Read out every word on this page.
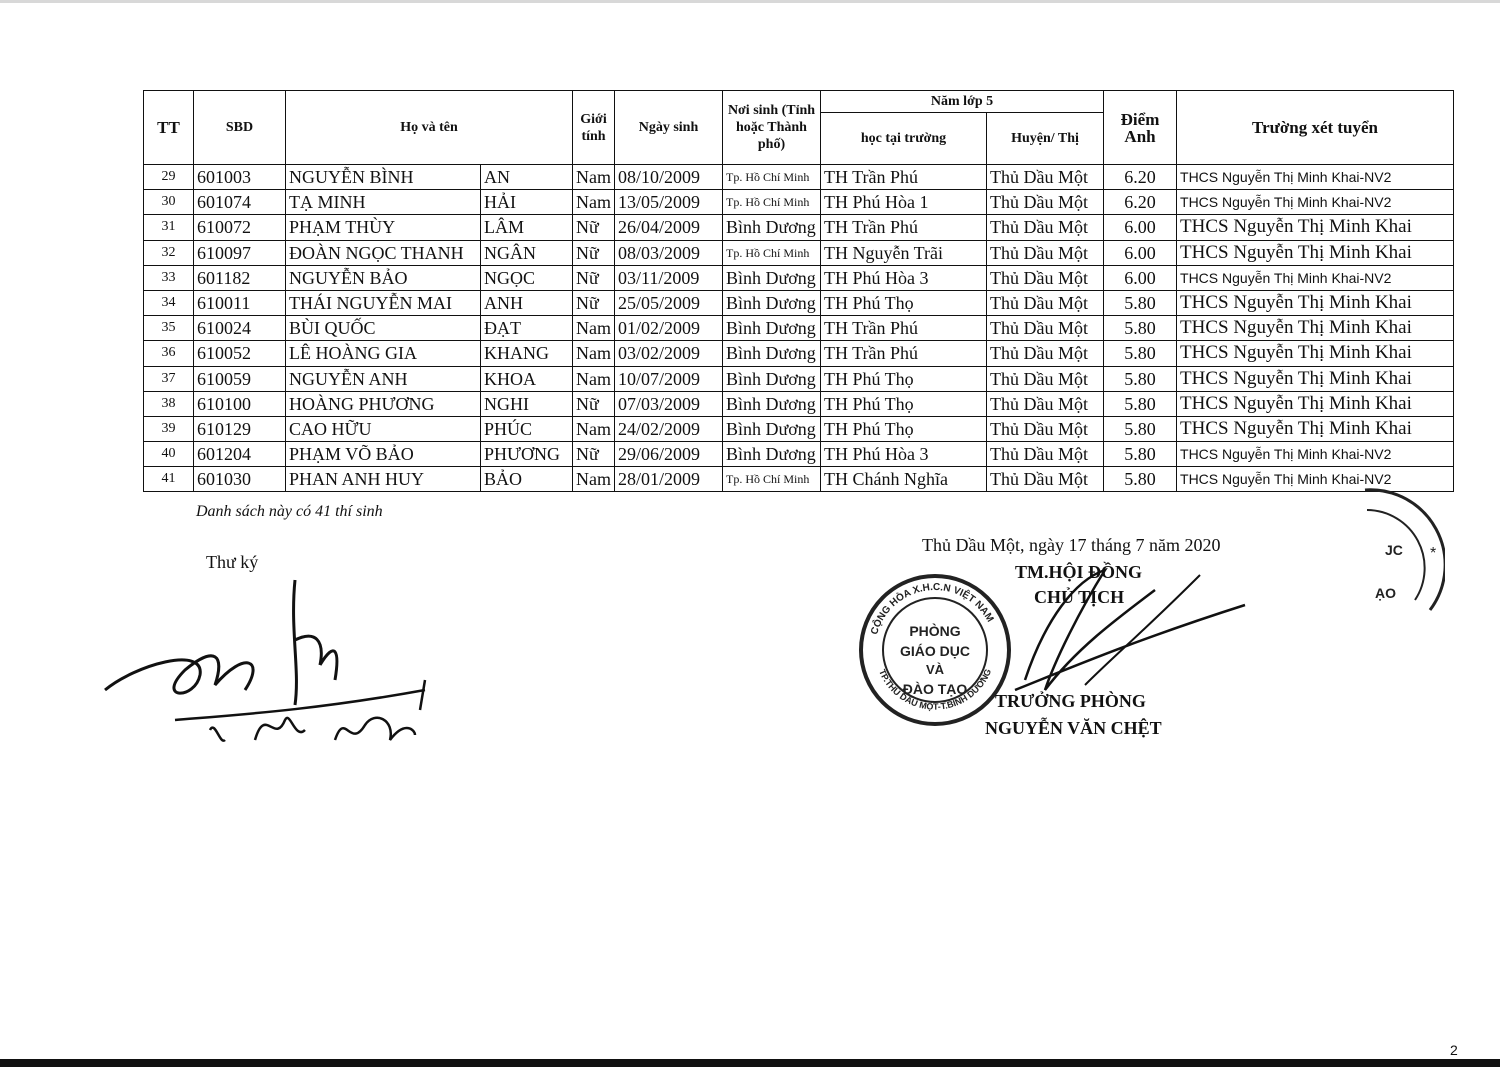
TT	SBD	Họ và tên	Giới tính	Ngày sinh	Nơi sinh (Tỉnh hoặc Thành phố)	Năm lớp 5	Điểm Anh	Trường xét tuyển
học tại trường	Huyện/ Thị
29	601003	NGUYỄN BÌNH	AN	Nam	08/10/2009	Tp. Hồ Chí Minh	TH Trần Phú	Thủ Dầu Một	6.20	THCS Nguyễn Thị Minh Khai-NV2
30	601074	TẠ MINH	HẢI	Nam	13/05/2009	Tp. Hồ Chí Minh	TH Phú Hòa 1	Thủ Dầu Một	6.20	THCS Nguyễn Thị Minh Khai-NV2
31	610072	PHẠM THÙY	LÂM	Nữ	26/04/2009	Bình Dương	TH Trần Phú	Thủ Dầu Một	6.00	THCS Nguyễn Thị Minh Khai
32	610097	ĐOÀN NGỌC THANH	NGÂN	Nữ	08/03/2009	Tp. Hồ Chí Minh	TH Nguyễn Trãi	Thủ Dầu Một	6.00	THCS Nguyễn Thị Minh Khai
33	601182	NGUYỄN BẢO	NGỌC	Nữ	03/11/2009	Bình Dương	TH Phú Hòa 3	Thủ Dầu Một	6.00	THCS Nguyễn Thị Minh Khai-NV2
34	610011	THÁI NGUYỄN MAI	ANH	Nữ	25/05/2009	Bình Dương	TH Phú Thọ	Thủ Dầu Một	5.80	THCS Nguyễn Thị Minh Khai
35	610024	BÙI QUỐC	ĐẠT	Nam	01/02/2009	Bình Dương	TH Trần Phú	Thủ Dầu Một	5.80	THCS Nguyễn Thị Minh Khai
36	610052	LÊ HOÀNG GIA	KHANG	Nam	03/02/2009	Bình Dương	TH Trần Phú	Thủ Dầu Một	5.80	THCS Nguyễn Thị Minh Khai
37	610059	NGUYỄN ANH	KHOA	Nam	10/07/2009	Bình Dương	TH Phú Thọ	Thủ Dầu Một	5.80	THCS Nguyễn Thị Minh Khai
38	610100	HOÀNG PHƯƠNG	NGHI	Nữ	07/03/2009	Bình Dương	TH Phú Thọ	Thủ Dầu Một	5.80	THCS Nguyễn Thị Minh Khai
39	610129	CAO HỮU	PHÚC	Nam	24/02/2009	Bình Dương	TH Phú Thọ	Thủ Dầu Một	5.80	THCS Nguyễn Thị Minh Khai
40	601204	PHẠM VÕ BẢO	PHƯƠNG	Nữ	29/06/2009	Bình Dương	TH Phú Hòa 3	Thủ Dầu Một	5.80	THCS Nguyễn Thị Minh Khai-NV2
41	601030	PHAN ANH HUY	BẢO	Nam	28/01/2009	Tp. Hồ Chí Minh	TH Chánh Nghĩa	Thủ Dầu Một	5.80	THCS Nguyễn Thị Minh Khai-NV2
Danh sách này có 41 thí sinh
Thư ký
Thủ Dầu Một, ngày 17 tháng 7 năm 2020
TM.HỘI ĐỒNG
CHỦ TỊCH
CỘNG HÒA X.H.C.N VIỆT NAM
TP.THỦ DẦU MỘT-T.BÌNH DƯƠNG
PHÒNG
GIÁO DỤC
VÀ
ĐÀO TẠO
TRƯỞNG PHÒNG
NGUYỄN VĂN CHỆT
JC
ẠO
*
2
